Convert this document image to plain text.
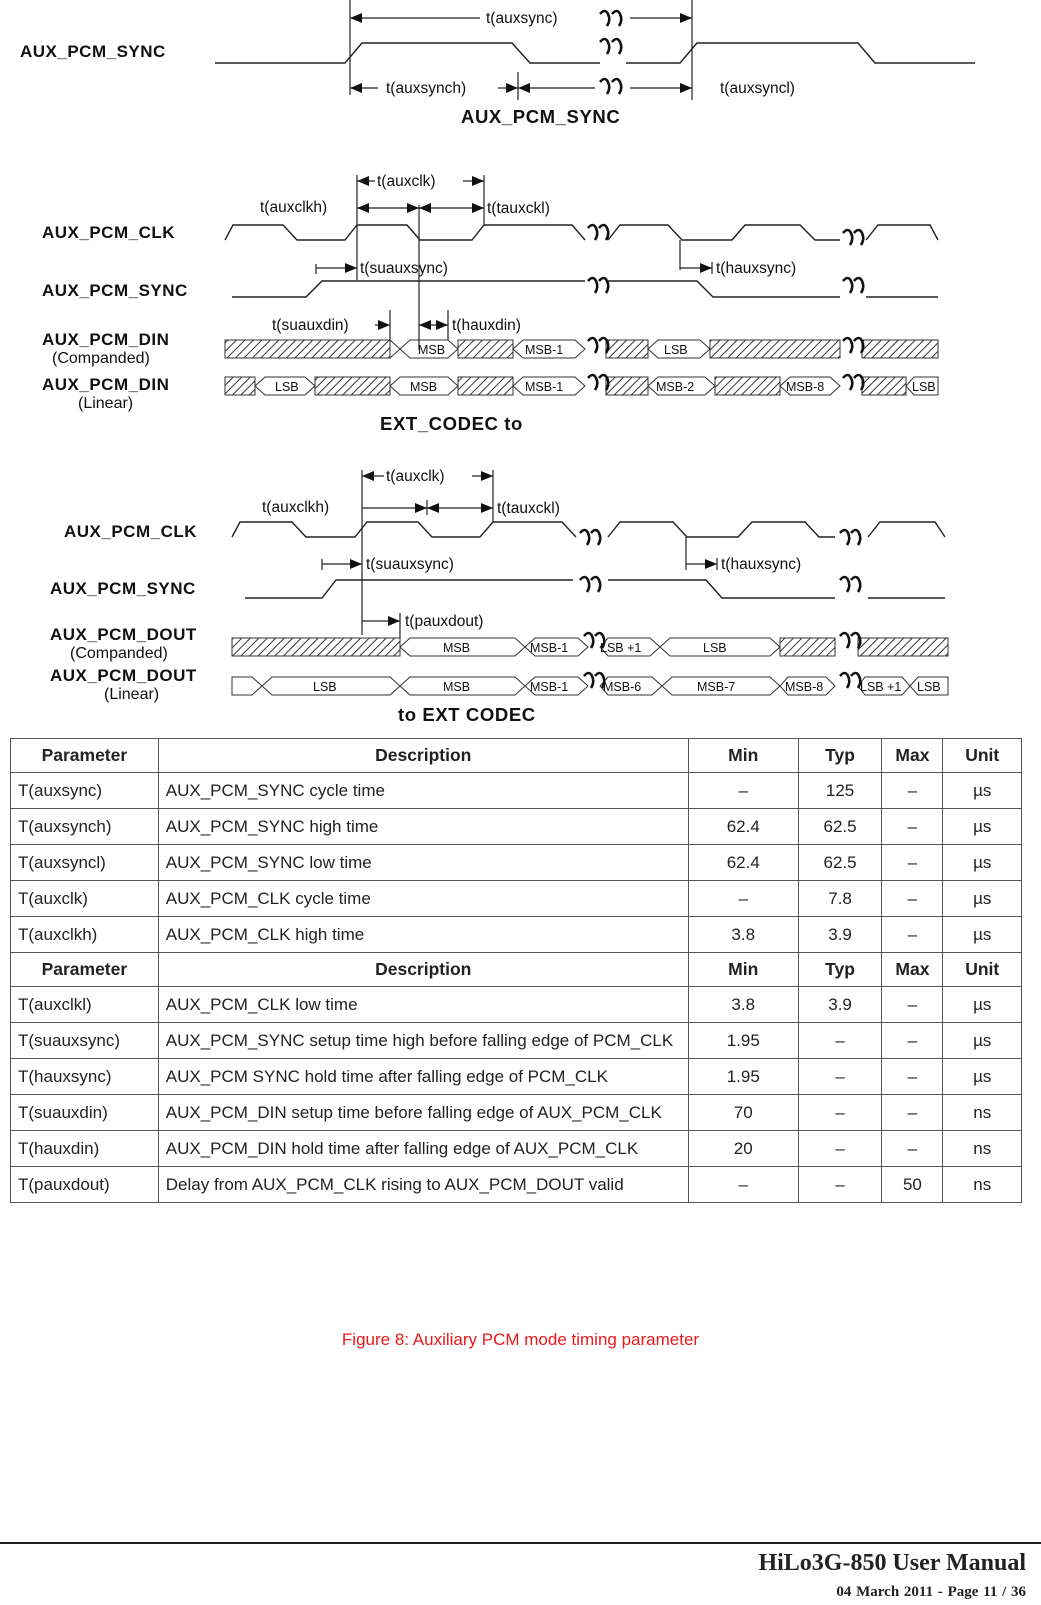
AUX_PCM_SYNC
t(auxsync)
t(auxsynch)	t(auxsyncl)
AUX_PCM_SYNC
AUX_PCM_CLK
AUX_PCM_SYNC
AUX_PCM_DIN
(Companded)
AUX_PCM_DIN
(Linear)
MSB	MSB-1	LSB
LSB	MSB	MSB-1	MSB-2	MSB-8	LSB
t(auxclk)
t(auxclkh)	t(tauxckl)
t(suauxsync)	t(hauxsync)
t(suauxdin)	t(hauxdin)
EXT_CODEC to
AUX_PCM_CLK
AUX_PCM_SYNC
AUX_PCM_DOUT
(Companded)
AUX_PCM_DOUT
(Linear)
MSB	MSB-1	LSB +1	LSB
LSB	MSB	MSB-1	MSB-6	MSB-7	MSB-8	LSB +1 LSB
t(auxclk)
t(auxclkh)	t(tauxckl)
t(suauxsync)	t(hauxsync)
t(pauxdout)
to EXT CODEC
Parameter	Description	Min	Typ	Max	Unit
T(auxsync)	AUX_PCM_SYNC cycle time	–	125	–	µs
T(auxsynch)	AUX_PCM_SYNC high time	62.4	62.5	–	µs
T(auxsyncl)	AUX_PCM_SYNC low time	62.4	62.5	–	µs
T(auxclk)	AUX_PCM_CLK cycle time	–	7.8	–	µs
T(auxclkh)	AUX_PCM_CLK high time	3.8	3.9	–	µs
Parameter	Description	Min	Typ	Max	Unit
T(auxclkl)	AUX_PCM_CLK low time	3.8	3.9	–	µs
T(suauxsync)	AUX_PCM_SYNC setup time high before falling edge of PCM_CLK	1.95	–	–	µs
T(hauxsync)	AUX_PCM SYNC hold time after falling edge of PCM_CLK	1.95	–	–	µs
T(suauxdin)	AUX_PCM_DIN setup time before falling edge of AUX_PCM_CLK	70	–	–	ns
T(hauxdin)	AUX_PCM_DIN hold time after falling edge of AUX_PCM_CLK	20	–	–	ns
T(pauxdout)	Delay from AUX_PCM_CLK rising to AUX_PCM_DOUT valid	–	–	50	ns
Figure 8: Auxiliary PCM mode timing parameter
HiLo3G-850 User Manual
04 March 2011 - Page 11 / 36
